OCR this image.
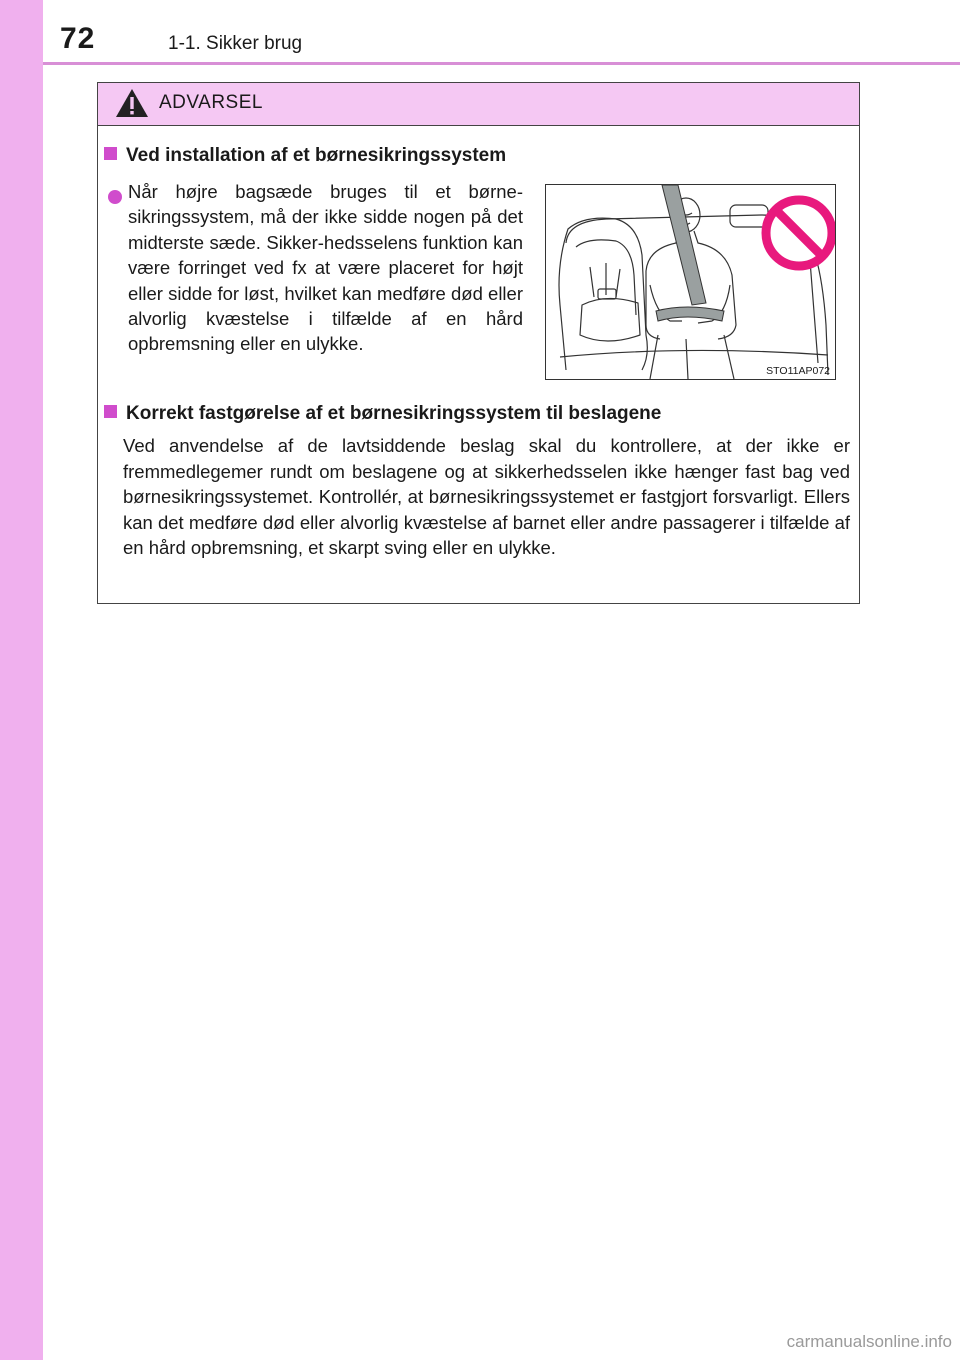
72	1-1. Sikker brug
ADVARSEL
Ved installation af et børnesikringssystem
Når højre bagsæde bruges til et børne-sikringssystem, må der ikke sidde nogen på det midterste sæde. Sikker-hedsselens funktion kan være forringet ved fx at være placeret for højt eller sidde for løst, hvilket kan medføre død eller alvorlig kvæstelse i tilfælde af en hård opbremsning eller en ulykke.
STO11AP072
Korrekt fastgørelse af et børnesikringssystem til beslagene
Ved anvendelse af de lavtsiddende beslag skal du kontrollere, at der ikke er fremmedlegemer rundt om beslagene og at sikkerhedsselen ikke hænger fast bag ved børnesikringssystemet. Kontrollér, at børnesikringssystemet er fastgjort forsvarligt. Ellers kan det medføre død eller alvorlig kvæstelse af barnet eller andre passagerer i tilfælde af en hård opbremsning, et skarpt sving eller en ulykke.
carmanualsonline.info
